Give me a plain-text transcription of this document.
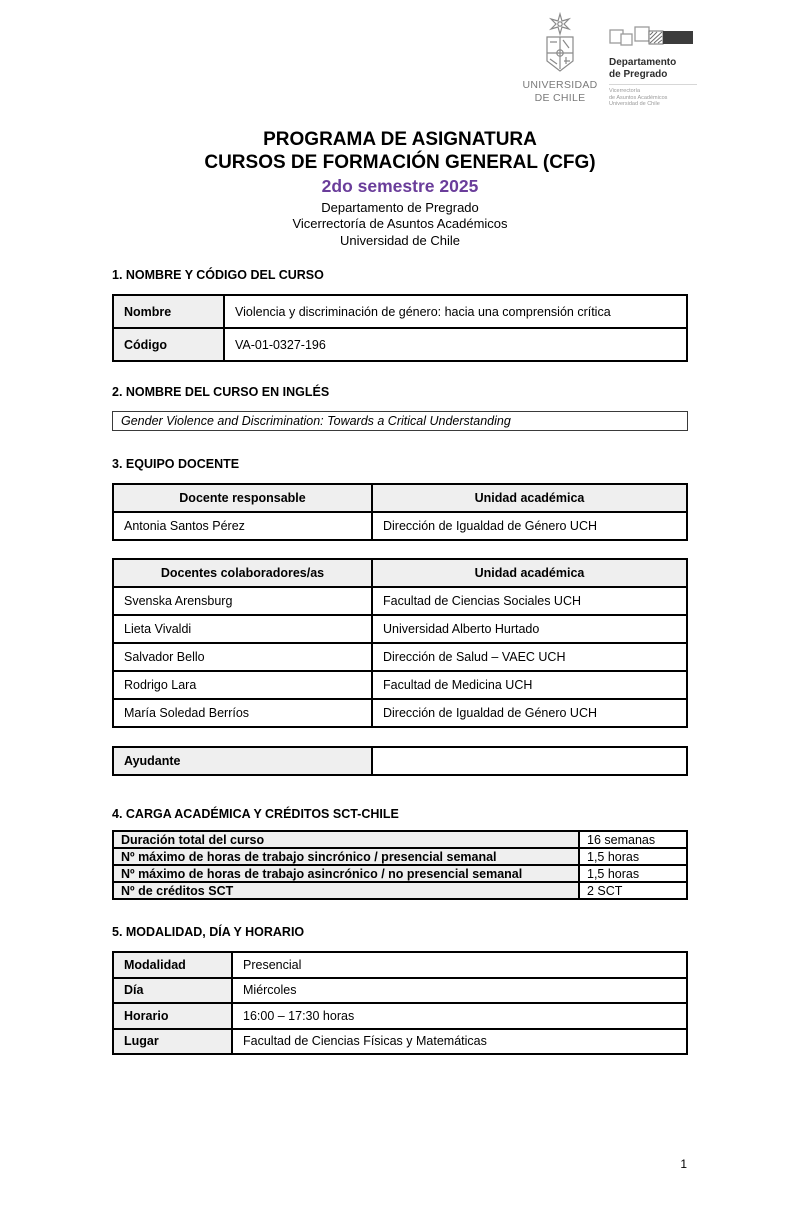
UNIVERSIDAD
DE CHILE
Departamento
de Pregrado
Vicerrectoría
de Asuntos Académicos
Universidad de Chile
PROGRAMA DE ASIGNATURA
CURSOS DE FORMACIÓN GENERAL (CFG)
2do semestre 2025
Departamento de Pregrado
Vicerrectoría de Asuntos Académicos
Universidad de Chile
1. NOMBRE Y CÓDIGO DEL CURSO
Nombre	Violencia y discriminación de género: hacia una comprensión crítica
Código	VA-01-0327-196
2. NOMBRE DEL CURSO EN INGLÉS
Gender Violence and Discrimination: Towards a Critical Understanding
3. EQUIPO DOCENTE
Docente responsable	Unidad académica
Antonia Santos Pérez	Dirección de Igualdad de Género UCH
Docentes colaboradores/as	Unidad académica
Svenska Arensburg	Facultad de Ciencias Sociales UCH
Lieta Vivaldi	Universidad Alberto Hurtado
Salvador Bello	Dirección de Salud – VAEC UCH
Rodrigo Lara	Facultad de Medicina UCH
María Soledad Berríos	Dirección de Igualdad de Género UCH
Ayudante	
4. CARGA ACADÉMICA Y CRÉDITOS SCT-CHILE
Duración total del curso	16 semanas
Nº máximo de horas de trabajo sincrónico / presencial semanal	1,5 horas
Nº máximo de horas de trabajo asincrónico / no presencial semanal	1,5 horas
Nº de créditos SCT	2 SCT
5. MODALIDAD, DÍA Y HORARIO
Modalidad	Presencial
Día	Miércoles
Horario	16:00 – 17:30 horas
Lugar	Facultad de Ciencias Físicas y Matemáticas
1
